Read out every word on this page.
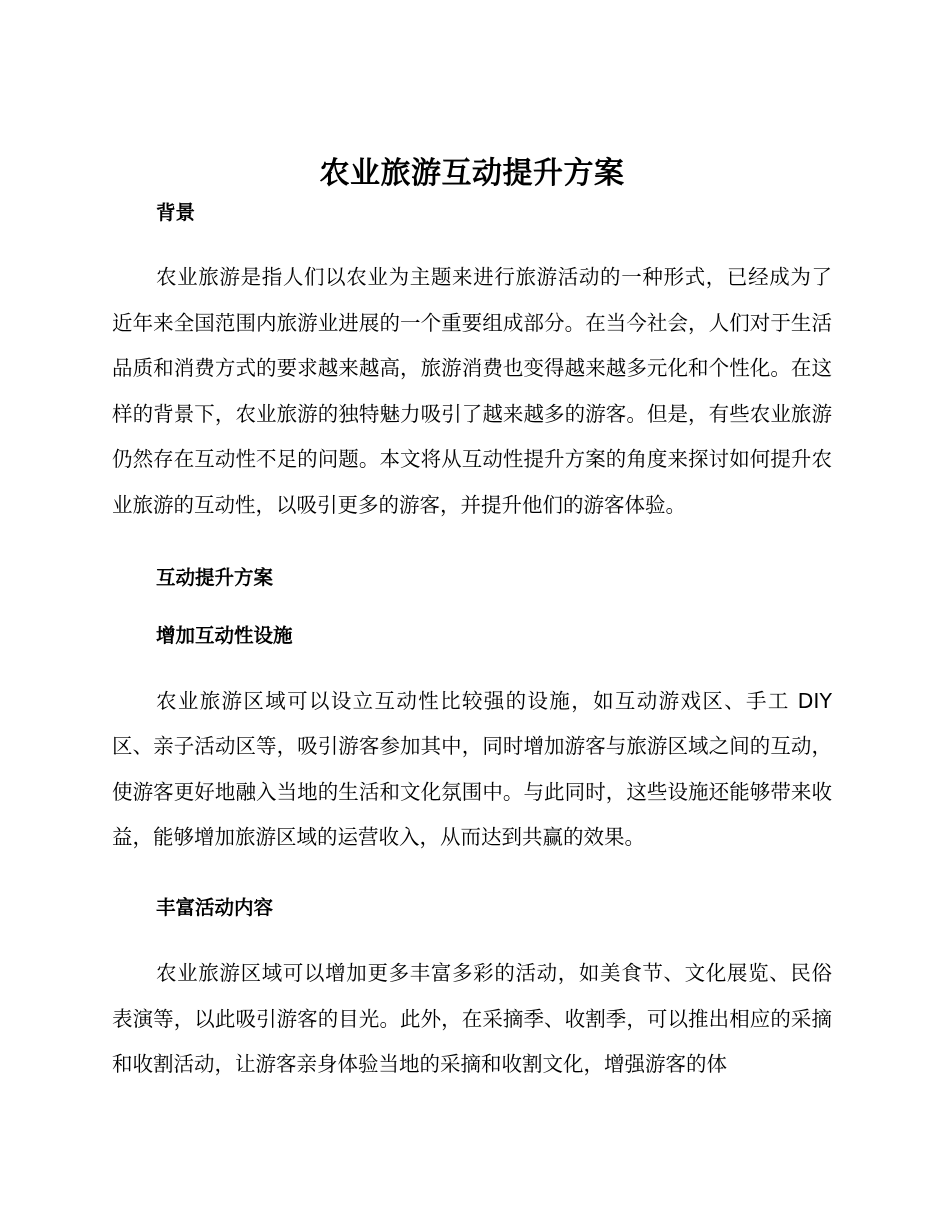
农业旅游互动提升方案
背景

农业旅游是指人们以农业为主题来进行旅游活动的一种形式，已经成为了近年来全国范围内旅游业进展的一个重要组成部分。在当今社会，人们对于生活品质和消费方式的要求越来越高，旅游消费也变得越来越多元化和个性化。在这样的背景下，农业旅游的独特魅力吸引了越来越多的游客。但是，有些农业旅游仍然存在互动性不足的问题。本文将从互动性提升方案的角度来探讨如何提升农业旅游的互动性，以吸引更多的游客，并提升他们的游客体验。

互动提升方案
增加互动性设施

农业旅游区域可以设立互动性比较强的设施，如互动游戏区、手工 DIY 区、亲子活动区等，吸引游客参加其中，同时增加游客与旅游区域之间的互动，使游客更好地融入当地的生活和文化氛围中。与此同时，这些设施还能够带来收益，能够增加旅游区域的运营收入，从而达到共赢的效果。

丰富活动内容

农业旅游区域可以增加更多丰富多彩的活动，如美食节、文化展览、民俗表演等，以此吸引游客的目光。此外，在采摘季、收割季，可以推出相应的采摘和收割活动，让游客亲身体验当地的采摘和收割文化，增强游客的体
